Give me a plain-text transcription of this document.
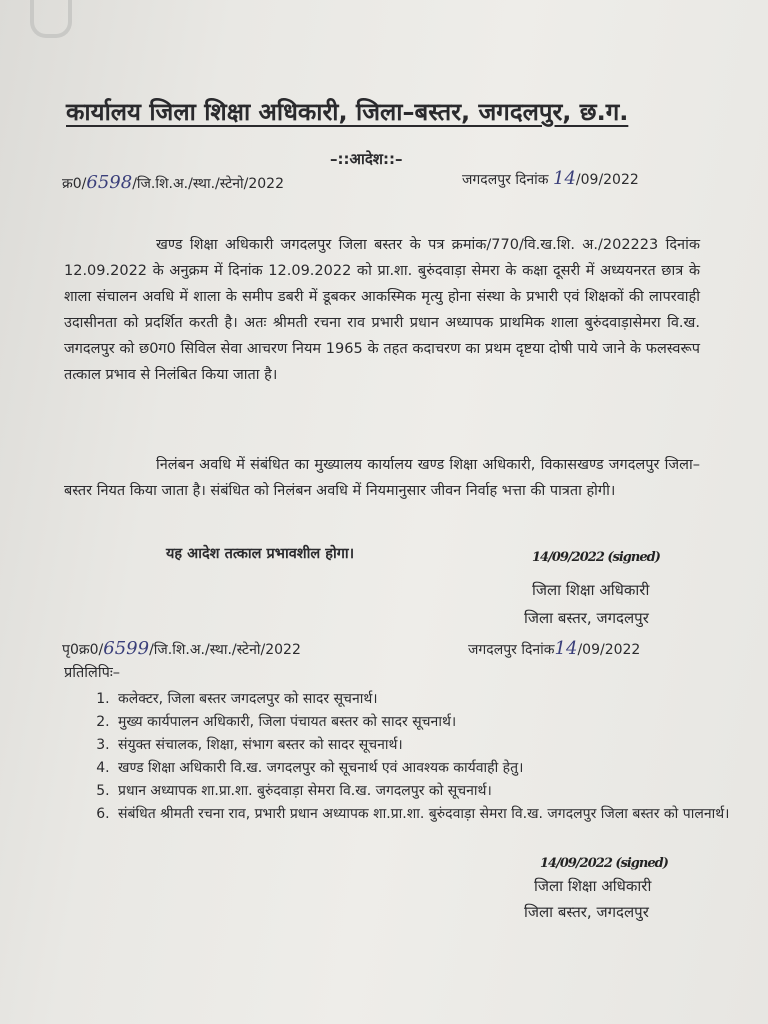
कार्यालय जिला शिक्षा अधिकारी, जिला–बस्तर, जगदलपुर, छ.ग.
–::आदेश::–
क्र0/6598/जि.शि.अ./स्था./स्टेनो/2022	जगदलपुर दिनांक 14/09/2022
खण्ड शिक्षा अधिकारी जगदलपुर जिला बस्तर के पत्र क्रमांक/770/वि.ख.शि. अ./202223 दिनांक 12.09.2022 के अनुक्रम में दिनांक 12.09.2022 को प्रा.शा. बुरुंदवाड़ा सेमरा के कक्षा दूसरी में अध्ययनरत छात्र के शाला संचालन अवधि में शाला के समीप डबरी में डूबकर आकस्मिक मृत्यु होना संस्था के प्रभारी एवं शिक्षकों की लापरवाही उदासीनता को प्रदर्शित करती है। अतः श्रीमती रचना राव प्रभारी प्रधान अध्यापक प्राथमिक शाला बुरुंदवाड़ासेमरा वि.ख. जगदलपुर को छ0ग0 सिविल सेवा आचरण नियम 1965 के तहत कदाचरण का प्रथम दृष्टया दोषी पाये जाने के फलस्वरूप तत्काल प्रभाव से निलंबित किया जाता है।
निलंबन अवधि में संबंधित का मुख्यालय कार्यालय खण्ड शिक्षा अधिकारी, विकासखण्ड जगदलपुर जिला–बस्तर नियत किया जाता है। संबंधित को निलंबन अवधि में नियमानुसार जीवन निर्वाह भत्ता की पात्रता होगी।
यह आदेश तत्काल प्रभावशील होगा।	14/09/2022 (signed)
जिला शिक्षा अधिकारी
जिला बस्तर, जगदलपुर
पृ0क्र0/6599/जि.शि.अ./स्था./स्टेनो/2022	जगदलपुर दिनांक14/09/2022
प्रतिलिपिः–
1. कलेक्टर, जिला बस्तर जगदलपुर को सादर सूचनार्थ।
2. मुख्य कार्यपालन अधिकारी, जिला पंचायत बस्तर को सादर सूचनार्थ।
3. संयुक्त संचालक, शिक्षा, संभाग बस्तर को सादर सूचनार्थ।
4. खण्ड शिक्षा अधिकारी वि.ख. जगदलपुर को सूचनार्थ एवं आवश्यक कार्यवाही हेतु।
5. प्रधान अध्यापक शा.प्रा.शा. बुरुंदवाड़ा सेमरा वि.ख. जगदलपुर को सूचनार्थ।
6. संबंधित श्रीमती रचना राव, प्रभारी प्रधान अध्यापक शा.प्रा.शा. बुरुंदवाड़ा सेमरा वि.ख. जगदलपुर जिला बस्तर को पालनार्थ।
14/09/2022 (signed)
जिला शिक्षा अधिकारी
जिला बस्तर, जगदलपुर
